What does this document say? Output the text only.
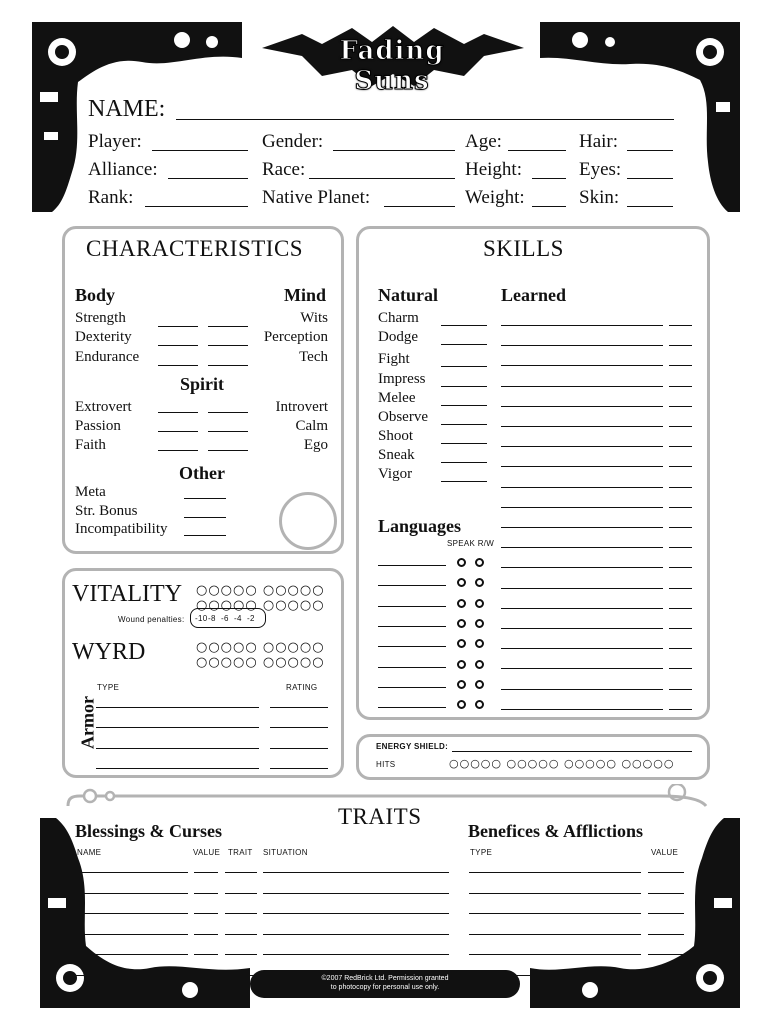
Fading Suns
NAME:
Player:	Gender:	Age:	Hair:
Alliance:	Race:	Height:	Eyes:
Rank:	Native Planet:	Weight:	Skin:
CHARACTERISTICS
Body	Mind
Spirit
Other
Strength	Wits
Dexterity	Perception
Endurance	Tech
Extrovert	Introvert
Passion	Calm
Faith	Ego
Meta
Str. Bonus
Incompatibility
SKILLS
Natural	Learned
Languages
SPEAK R/W
Charm
Dodge
Fight
Impress
Melee
Observe
Shoot
Sneak
Vigor
VITALITY ○○○○○ ○○○○○
○○○○○ ○○○○○
Wound penalties: -10 -8 -6 -4 -2
WYRD	○○○○○ ○○○○○
○○○○○ ○○○○○
TYPE	RATING
Armor	ENERGY SHIELD:
HITS	○○○○○ ○○○○○ ○○○○○ ○○○○○
TRAITS
Blessings & Curses	Benefices & Afflictions
NAME	VALUE TRAIT SITUATION	TYPE	VALUE
©2007 RedBrick Ltd. Permission granted
to photocopy for personal use only.
